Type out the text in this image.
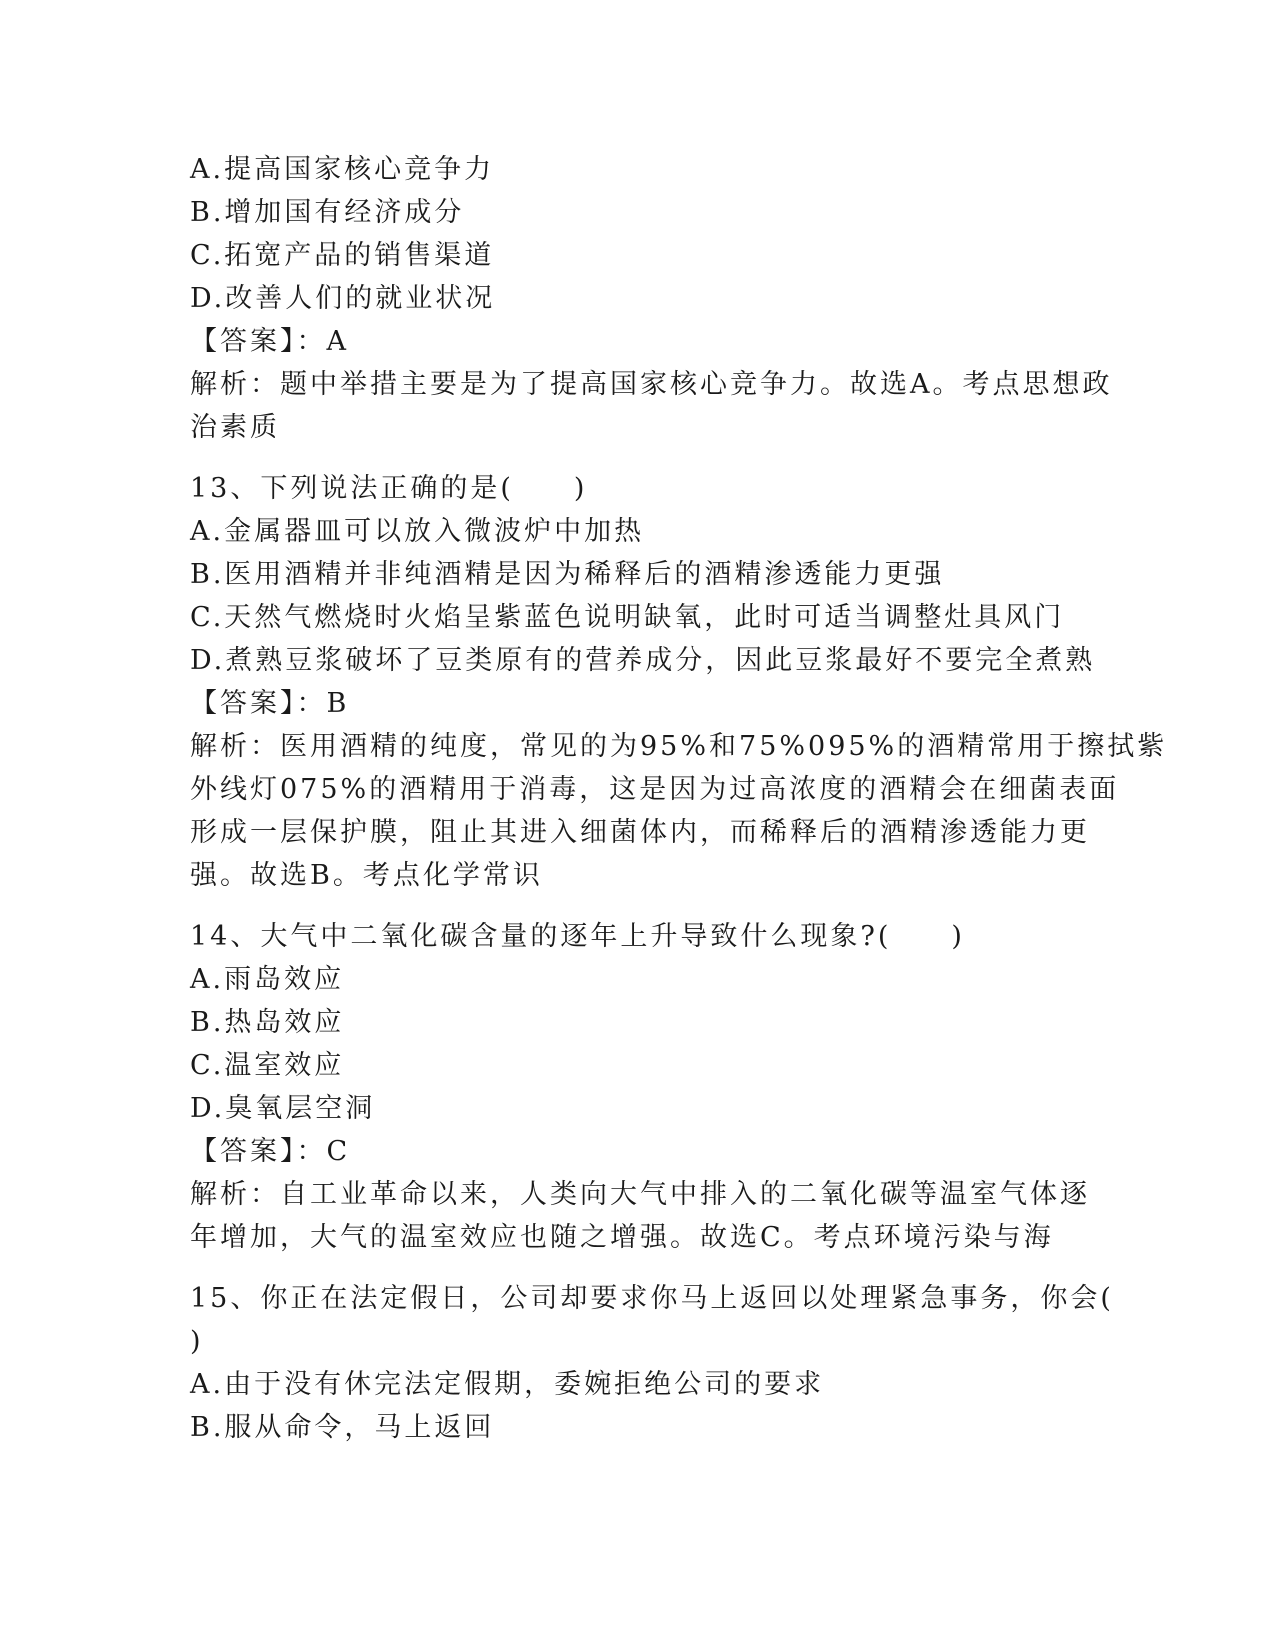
A.提高国家核心竞争力
B.增加国有经济成分
C.拓宽产品的销售渠道
D.改善人们的就业状况
【答案】：A
解析：题中举措主要是为了提高国家核心竞争力。故选A。考点思想政
治素质
13、下列说法正确的是(　　)
A.金属器皿可以放入微波炉中加热
B.医用酒精并非纯酒精是因为稀释后的酒精渗透能力更强
C.天然气燃烧时火焰呈紫蓝色说明缺氧，此时可适当调整灶具风门
D.煮熟豆浆破坏了豆类原有的营养成分，因此豆浆最好不要完全煮熟
【答案】：B
解析：医用酒精的纯度，常见的为95%和75%095%的酒精常用于擦拭紫
外线灯075%的酒精用于消毒，这是因为过高浓度的酒精会在细菌表面
形成一层保护膜，阻止其进入细菌体内，而稀释后的酒精渗透能力更
强。故选B。考点化学常识
14、大气中二氧化碳含量的逐年上升导致什么现象?(　　)
A.雨岛效应
B.热岛效应
C.温室效应
D.臭氧层空洞
【答案】：C
解析：自工业革命以来，人类向大气中排入的二氧化碳等温室气体逐
年增加，大气的温室效应也随之增强。故选C。考点环境污染与海
15、你正在法定假日，公司却要求你马上返回以处理紧急事务，你会(
)
A.由于没有休完法定假期，委婉拒绝公司的要求
B.服从命令，马上返回
